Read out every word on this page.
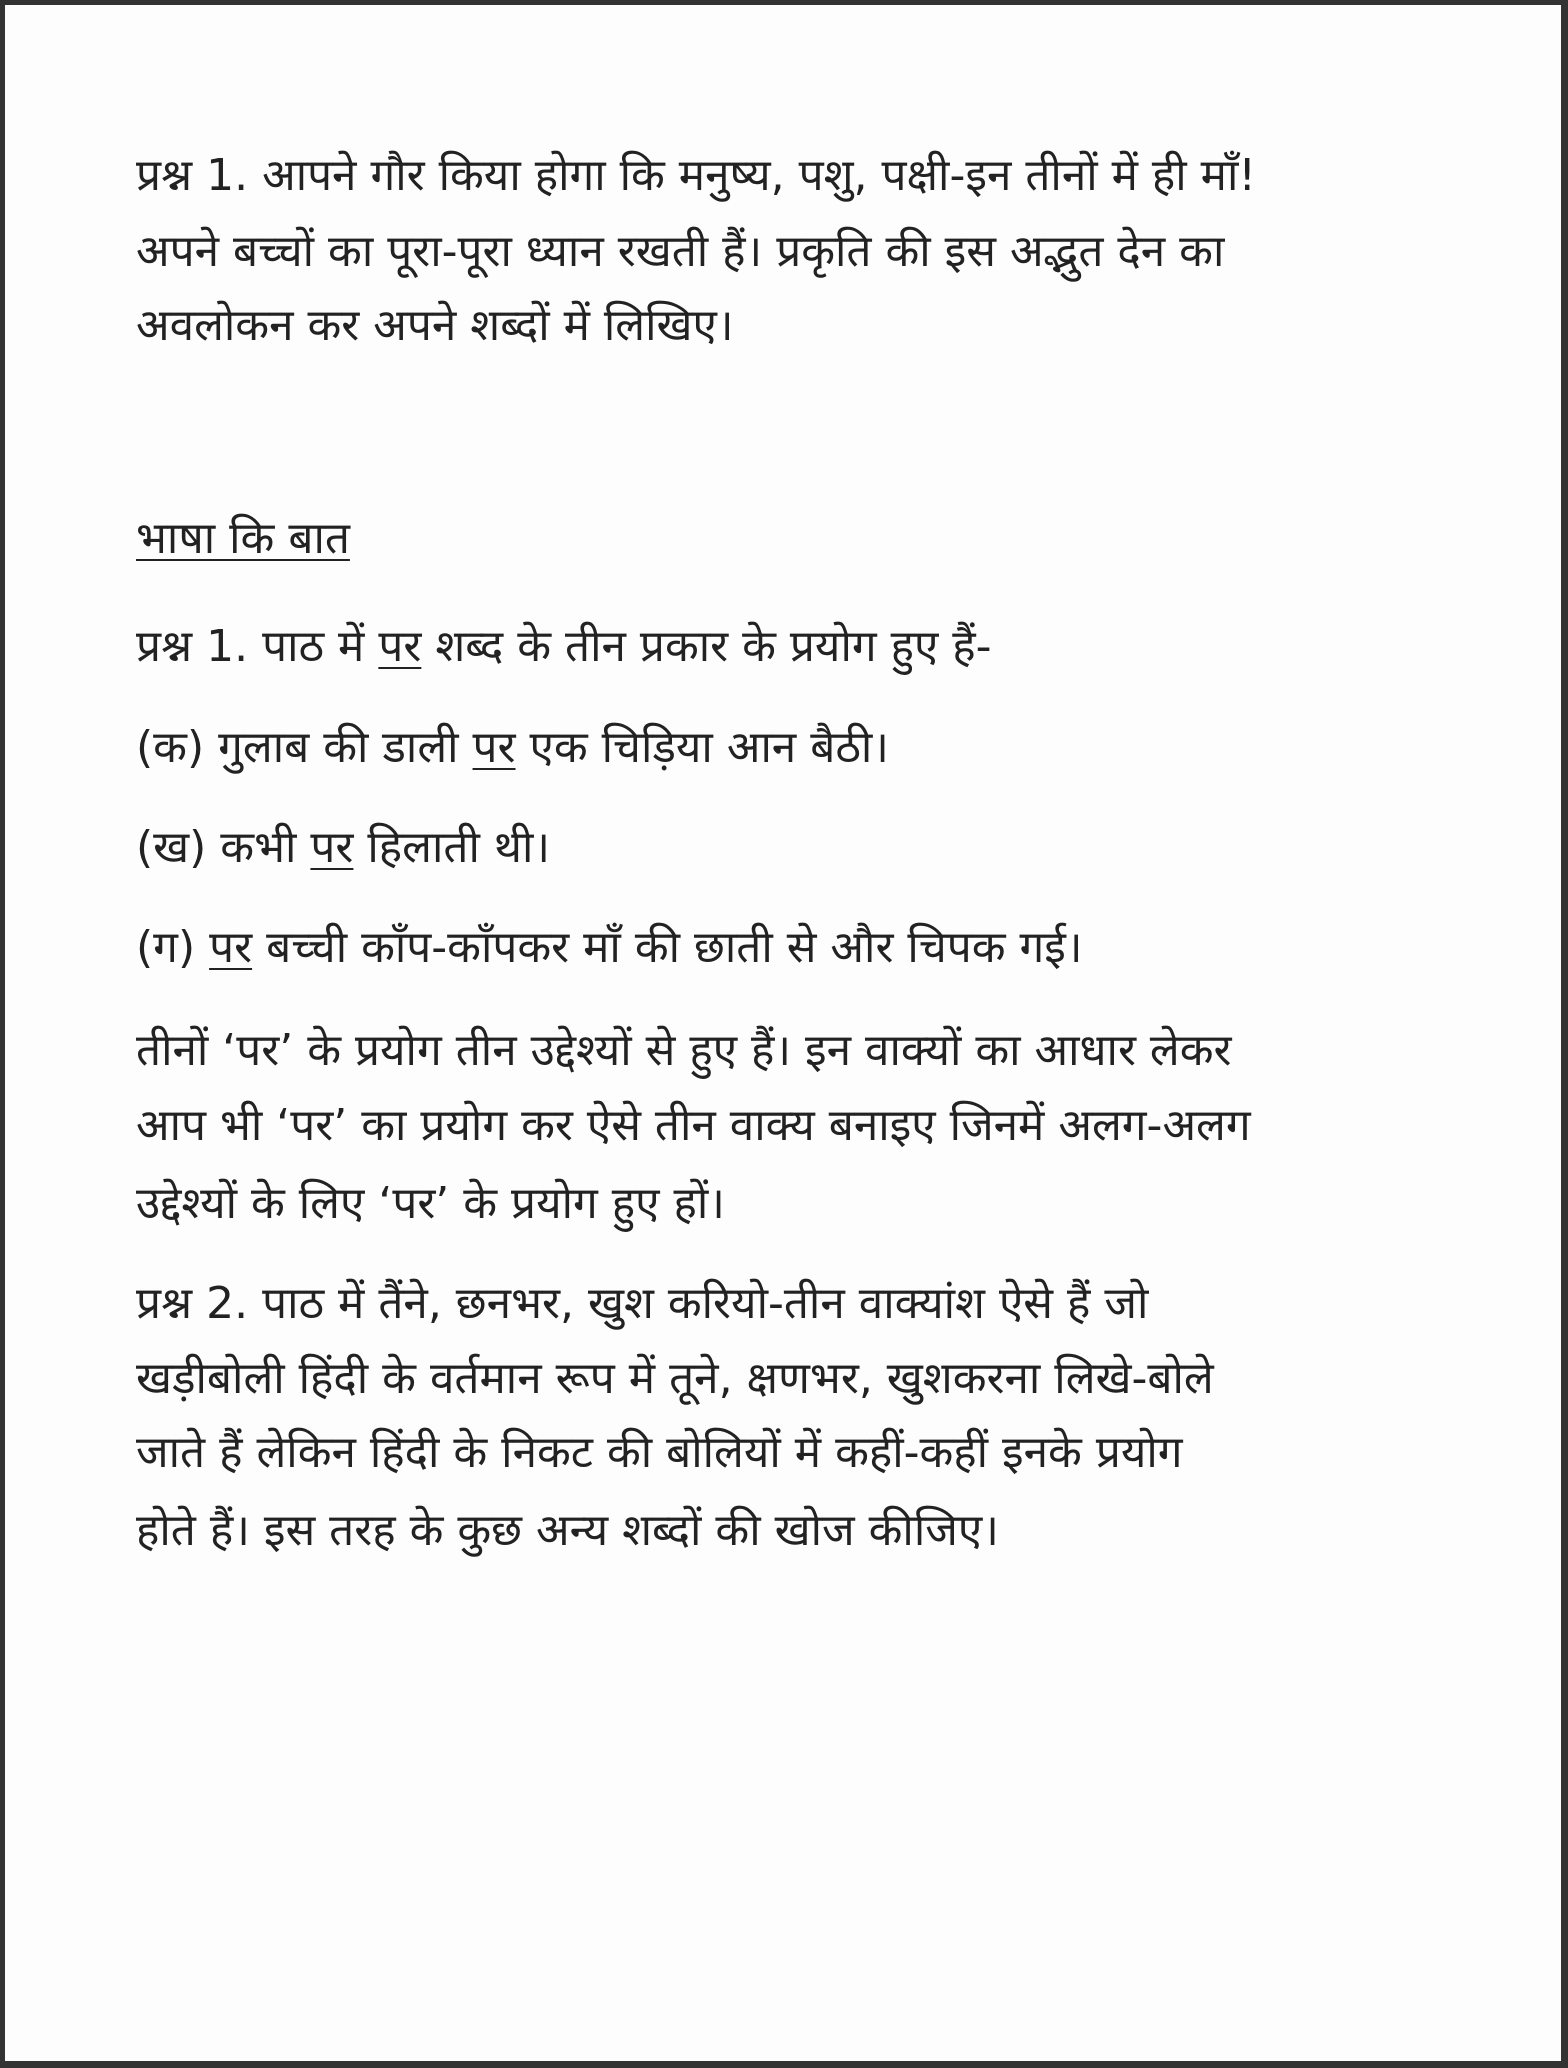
प्रश्न 1. आपने गौर किया होगा कि मनुष्य, पशु, पक्षी-इन तीनों में ही माँ!
अपने बच्चों का पूरा-पूरा ध्यान रखती हैं। प्रकृति की इस अद्भुत देन का
अवलोकन कर अपने शब्दों में लिखिए।
भाषा कि बात
प्रश्न 1. पाठ में पर शब्द के तीन प्रकार के प्रयोग हुए हैं-
(क) गुलाब की डाली पर एक चिड़िया आन बैठी।
(ख) कभी पर हिलाती थी।
(ग) पर बच्ची काँप-काँपकर माँ की छाती से और चिपक गई।
तीनों ‘पर’ के प्रयोग तीन उद्देश्यों से हुए हैं। इन वाक्यों का आधार लेकर
आप भी ‘पर’ का प्रयोग कर ऐसे तीन वाक्य बनाइए जिनमें अलग-अलग
उद्देश्यों के लिए ‘पर’ के प्रयोग हुए हों।
प्रश्न 2. पाठ में तैंने, छनभर, खुश करियो-तीन वाक्यांश ऐसे हैं जो
खड़ीबोली हिंदी के वर्तमान रूप में तूने, क्षणभर, खुशकरना लिखे-बोले
जाते हैं लेकिन हिंदी के निकट की बोलियों में कहीं-कहीं इनके प्रयोग
होते हैं। इस तरह के कुछ अन्य शब्दों की खोज कीजिए।
